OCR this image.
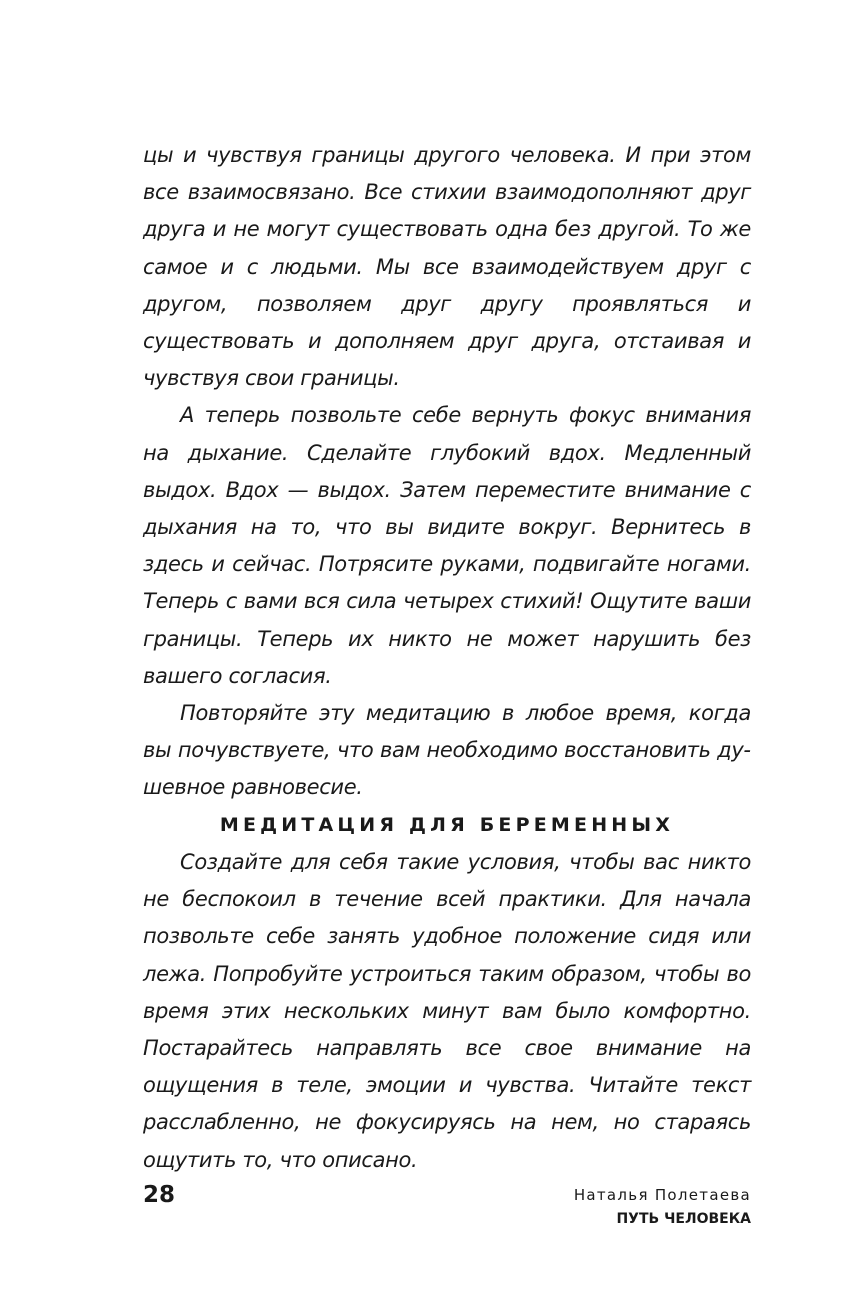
цы и чувствуя границы другого человека. И при этом все взаимосвязано. Все стихии взаимодополняют друг друга и не могут существовать одна без другой. То же самое и с людьми. Мы все взаимодействуем друг с другом, позволяем друг другу проявляться и существовать и дополняем друг друга, отстаивая и чувствуя свои границы.

А теперь позвольте себе вернуть фокус внимания на дыхание. Сделайте глубокий вдох. Медленный выдох. Вдох — выдох. Затем переместите внимание с дыхания на то, что вы видите вокруг. Вернитесь в здесь и сейчас. Потрясите руками, подвигайте ногами. Теперь с вами вся сила четырех стихий! Ощутите ваши границы. Теперь их никто не может нарушить без вашего согласия.

Повторяйте эту медитацию в любое время, когда вы почувствуете, что вам необходимо восстановить душевное равновесие.

МЕДИТАЦИЯ ДЛЯ БЕРЕМЕННЫХ

Создайте для себя такие условия, чтобы вас никто не беспокоил в течение всей практики. Для начала позвольте себе занять удобное положение сидя или лежа. Попробуйте устроиться таким образом, чтобы во время этих нескольких минут вам было комфортно. Постарайтесь направлять все свое внимание на ощущения в теле, эмоции и чувства. Читайте текст расслабленно, не фокусируясь на нем, но стараясь ощутить то, что описано.

28	Наталья Полетаева
ПУТЬ ЧЕЛОВЕКА
